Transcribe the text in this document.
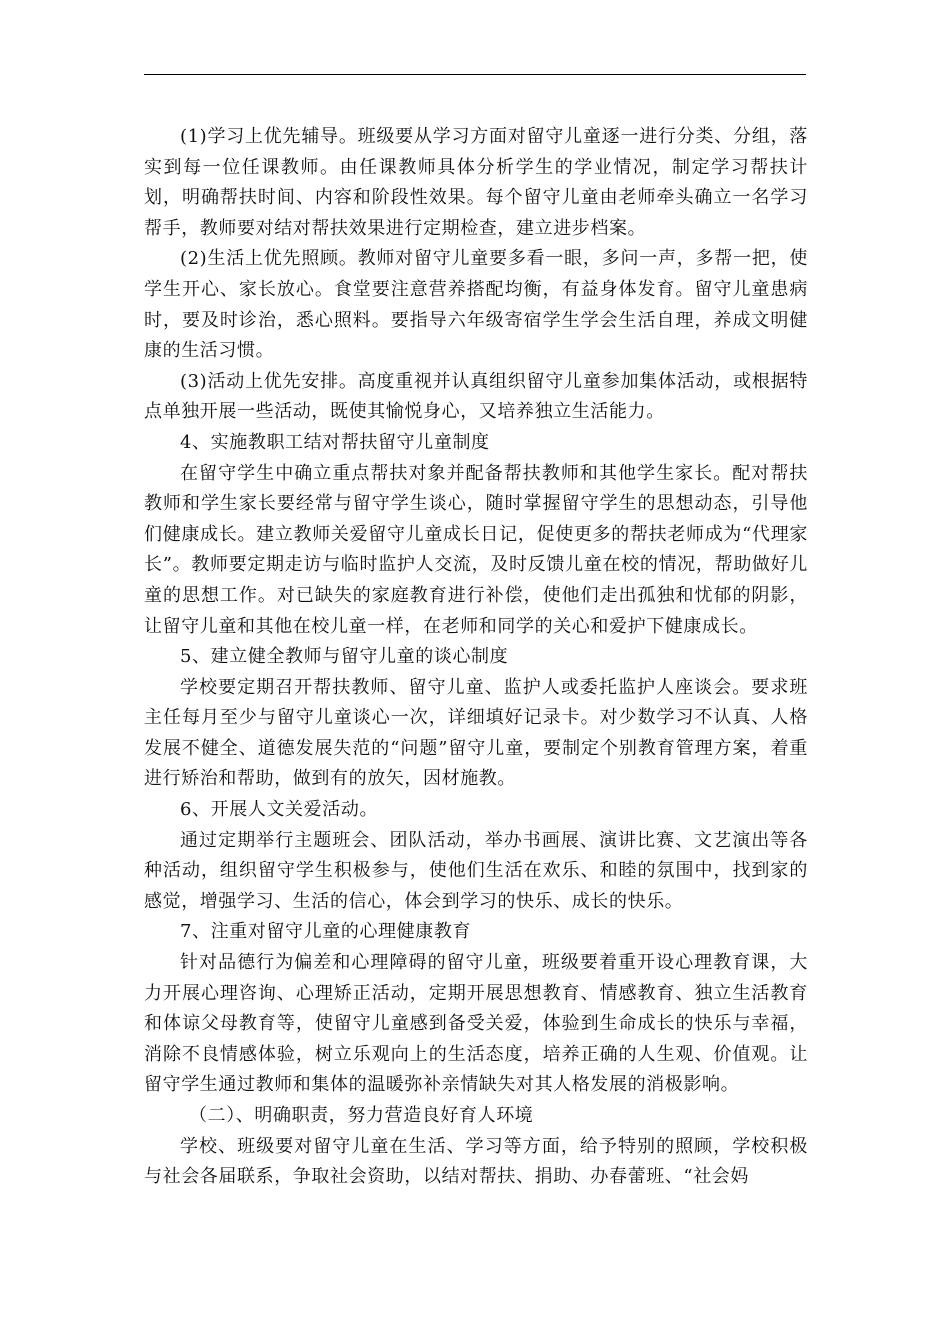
(1)学习上优先辅导。班级要从学习方面对留守儿童逐一进行分类、分组，落实到每一位任课教师。由任课教师具体分析学生的学业情况，制定学习帮扶计划，明确帮扶时间、内容和阶段性效果。每个留守儿童由老师牵头确立一名学习帮手，教师要对结对帮扶效果进行定期检查，建立进步档案。

(2)生活上优先照顾。教师对留守儿童要多看一眼，多问一声，多帮一把，使学生开心、家长放心。食堂要注意营养搭配均衡，有益身体发育。留守儿童患病时，要及时诊治，悉心照料。要指导六年级寄宿学生学会生活自理，养成文明健康的生活习惯。

(3)活动上优先安排。高度重视并认真组织留守儿童参加集体活动，或根据特点单独开展一些活动，既使其愉悦身心，又培养独立生活能力。

4、实施教职工结对帮扶留守儿童制度

在留守学生中确立重点帮扶对象并配备帮扶教师和其他学生家长。配对帮扶教师和学生家长要经常与留守学生谈心，随时掌握留守学生的思想动态，引导他们健康成长。建立教师关爱留守儿童成长日记，促使更多的帮扶老师成为“代理家长”。教师要定期走访与临时监护人交流，及时反馈儿童在校的情况，帮助做好儿童的思想工作。对已缺失的家庭教育进行补偿，使他们走出孤独和忧郁的阴影，让留守儿童和其他在校儿童一样，在老师和同学的关心和爱护下健康成长。

5、建立健全教师与留守儿童的谈心制度

学校要定期召开帮扶教师、留守儿童、监护人或委托监护人座谈会。要求班主任每月至少与留守儿童谈心一次，详细填好记录卡。对少数学习不认真、人格发展不健全、道德发展失范的“问题”留守儿童，要制定个别教育管理方案，着重进行矫治和帮助，做到有的放矢，因材施教。

6、开展人文关爱活动。

通过定期举行主题班会、团队活动，举办书画展、演讲比赛、文艺演出等各种活动，组织留守学生积极参与，使他们生活在欢乐、和睦的氛围中，找到家的感觉，增强学习、生活的信心，体会到学习的快乐、成长的快乐。

7、注重对留守儿童的心理健康教育

针对品德行为偏差和心理障碍的留守儿童，班级要着重开设心理教育课，大力开展心理咨询、心理矫正活动，定期开展思想教育、情感教育、独立生活教育和体谅父母教育等，使留守儿童感到备受关爱，体验到生命成长的快乐与幸福，消除不良情感体验，树立乐观向上的生活态度，培养正确的人生观、价值观。让留守学生通过教师和集体的温暖弥补亲情缺失对其人格发展的消极影响。

（二）、明确职责，努力营造良好育人环境

学校、班级要对留守儿童在生活、学习等方面，给予特别的照顾，学校积极与社会各届联系，争取社会资助，以结对帮扶、捐助、办春蕾班、“社会妈
